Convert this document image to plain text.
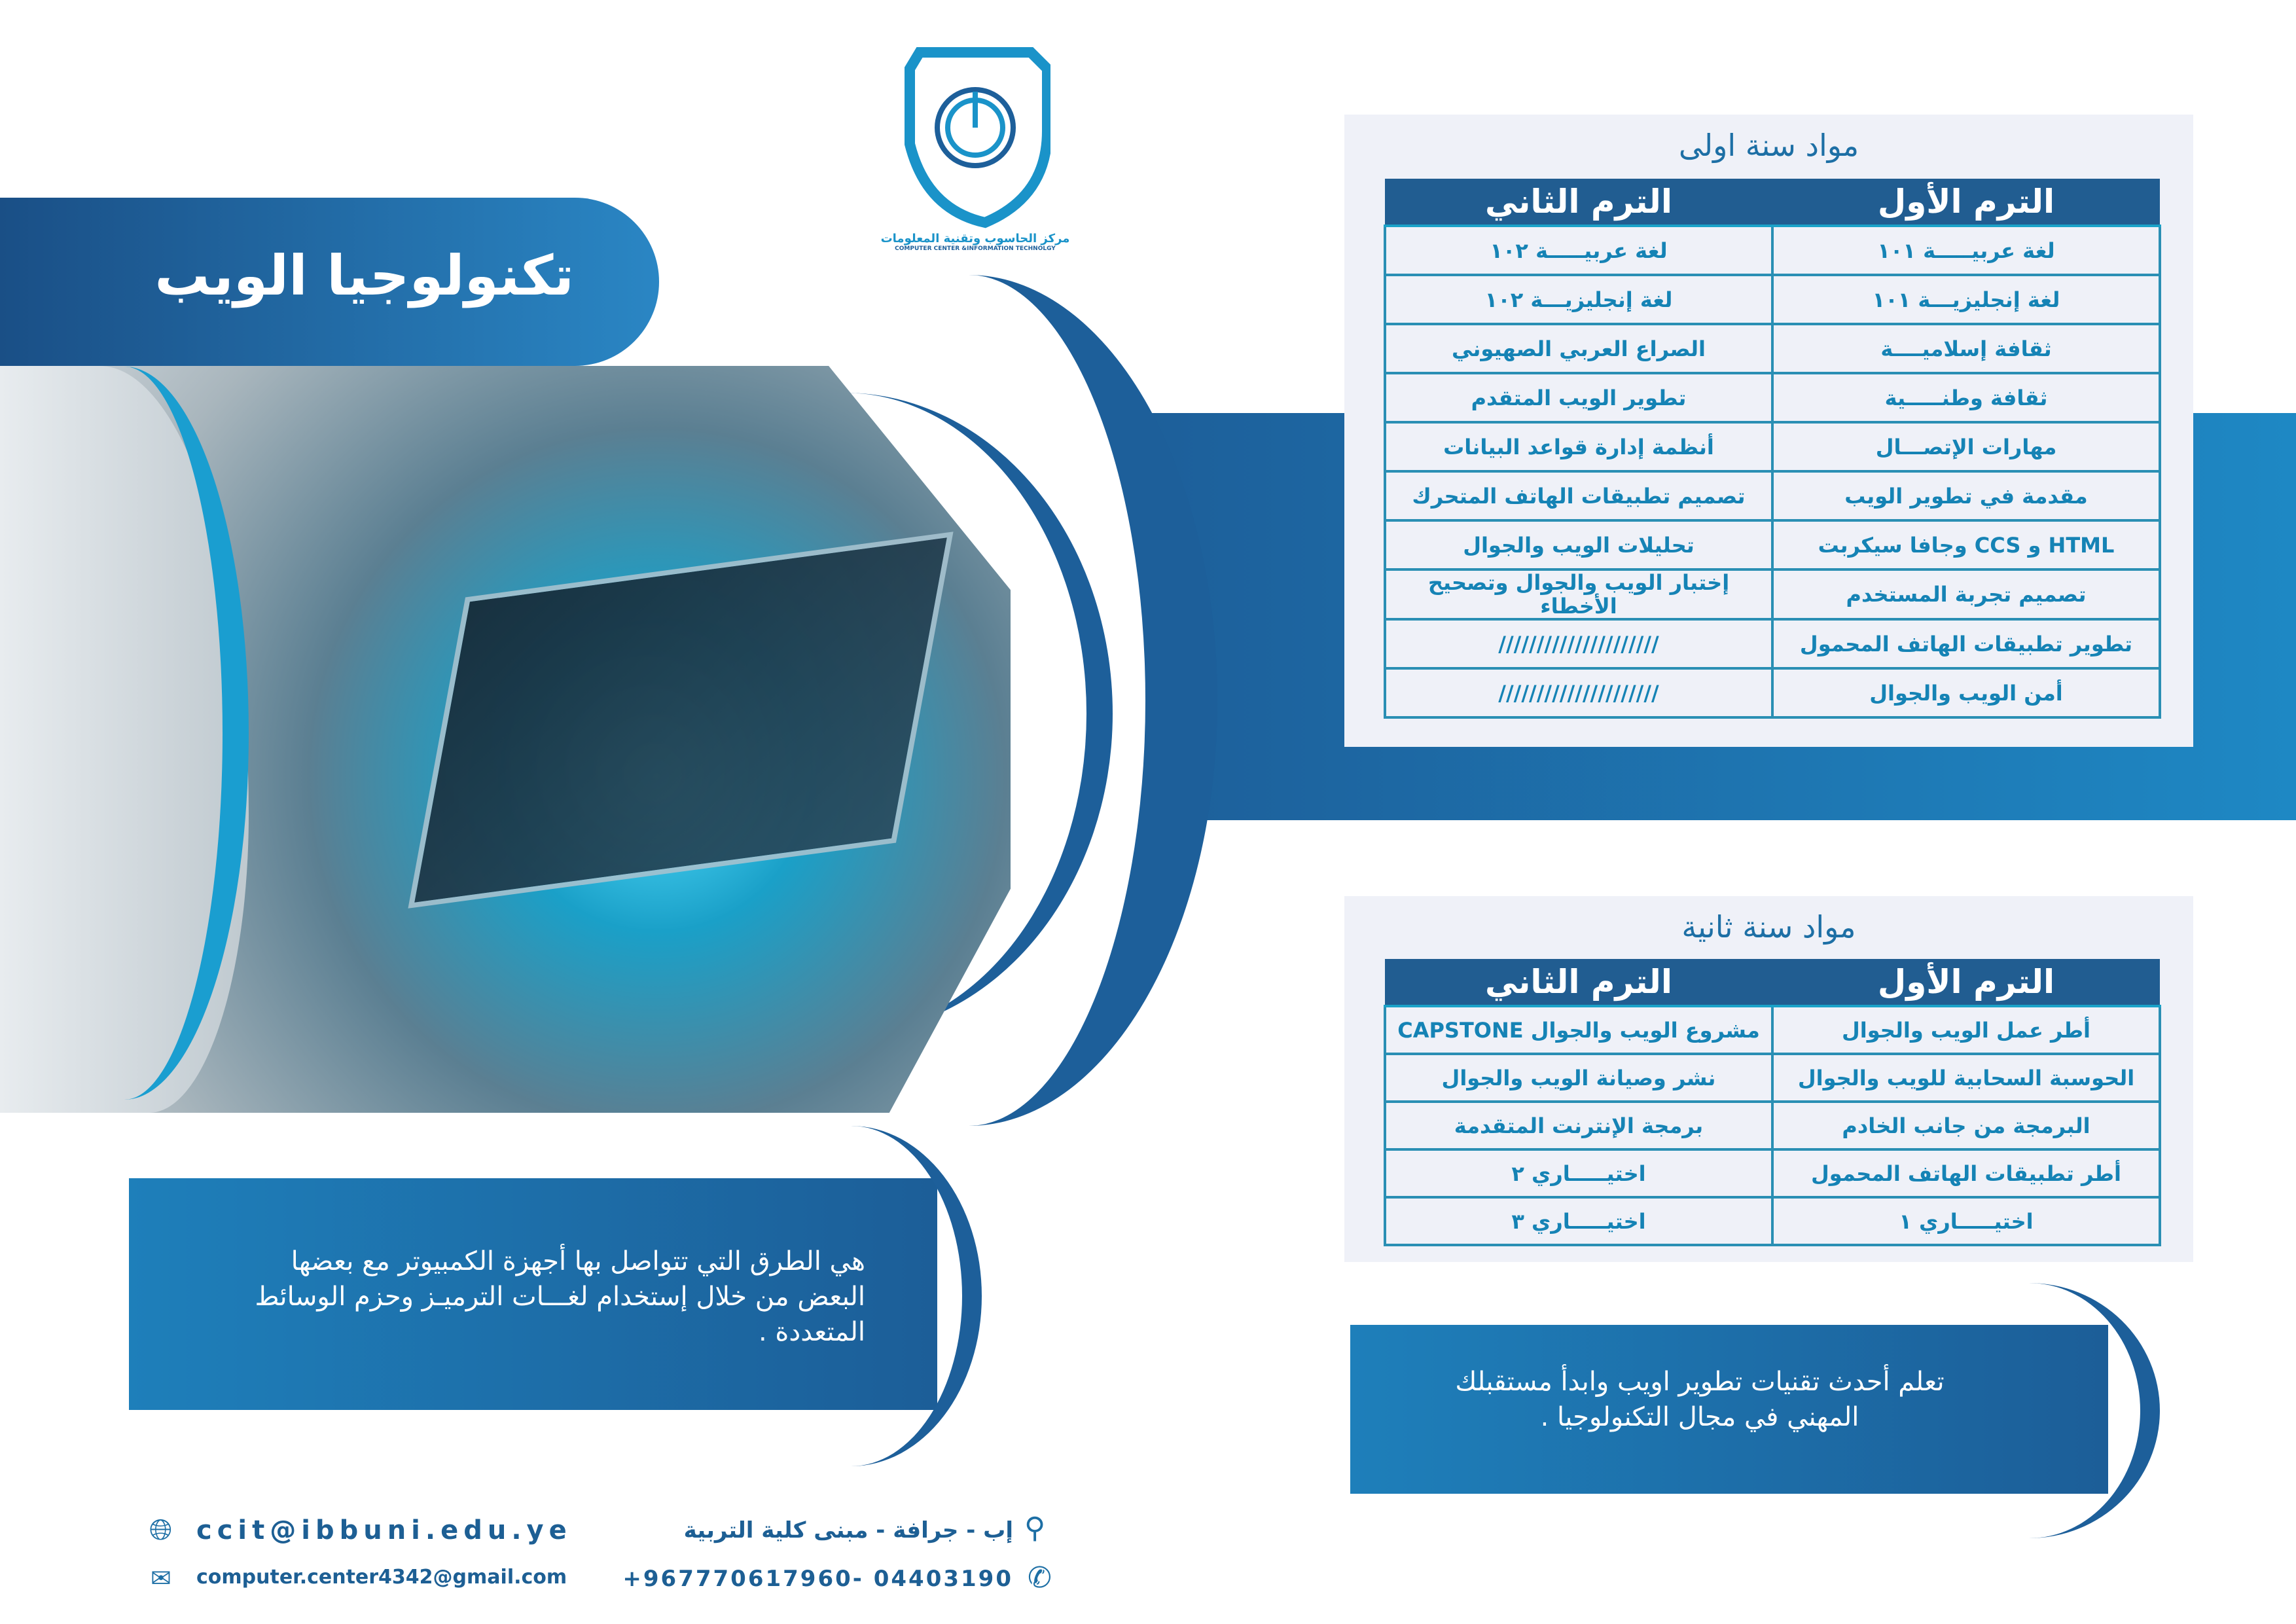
تكنولوجيا الويب
مركز الحاسوب وتقنية المعلومات
COMPUTER CENTER &INFORMATION TECHNOLGY
مواد سنة اولى
الترم الأول	الترم الثاني
لغة عربيـــــة ١٠١	لغة عربيـــــة ١٠٢
لغة إنجليزيـــة ١٠١	لغة إنجليزيـــة ١٠٢
ثقافة إسلاميــــة	الصراع العربي الصهيوني
ثقافة وطنـــــية	تطوير الويب المتقدم
مهارات الإتصـــال	أنظمة إدارة قواعد البيانات
مقدمة في تطوير الويب	تصميم تطبيقات الهاتف المتحرك
HTML و CCS وجافا سيكربت	تحليلات الويب والجوال
تصميم تجربة المستخدم	إختبار الويب والجوال وتصحيح الأخطاء
تطوير تطبيقات الهاتف المحمول	/////////////////////
أمن الويب والجوال	/////////////////////
مواد سنة ثانية
الترم الأول	الترم الثاني
أطر عمل الويب والجوال	مشروع الويب والجوال CAPSTONE
الحوسبة السحابية للويب والجوال	نشر وصيانة الويب والجوال
البرمجة من جانب الخادم	برمجة الإنترنت المتقدمة
أطر تطبيقات الهاتف المحمول	اختيـــــاري ٢
اختيـــــاري ١	اختيـــــاري ٣

هي الطرق التي تتواصل بها أجهزة الكمبيوتر مع بعضها البعض من خلال إستخدام لغـــات الترميـز وحزم الوسائط المتعددة .

تعلم أحدث تقنيات تطوير اويب وابدأ مستقبلك المهني في مجال التكنولوجيا .

🌐︎ ccit@ibbuni.edu.ye
✉ computer.center4342@gmail.com
إب - جرافة - مبنى كلية التربية ⚲
+967770617960- 04403190 ✆
